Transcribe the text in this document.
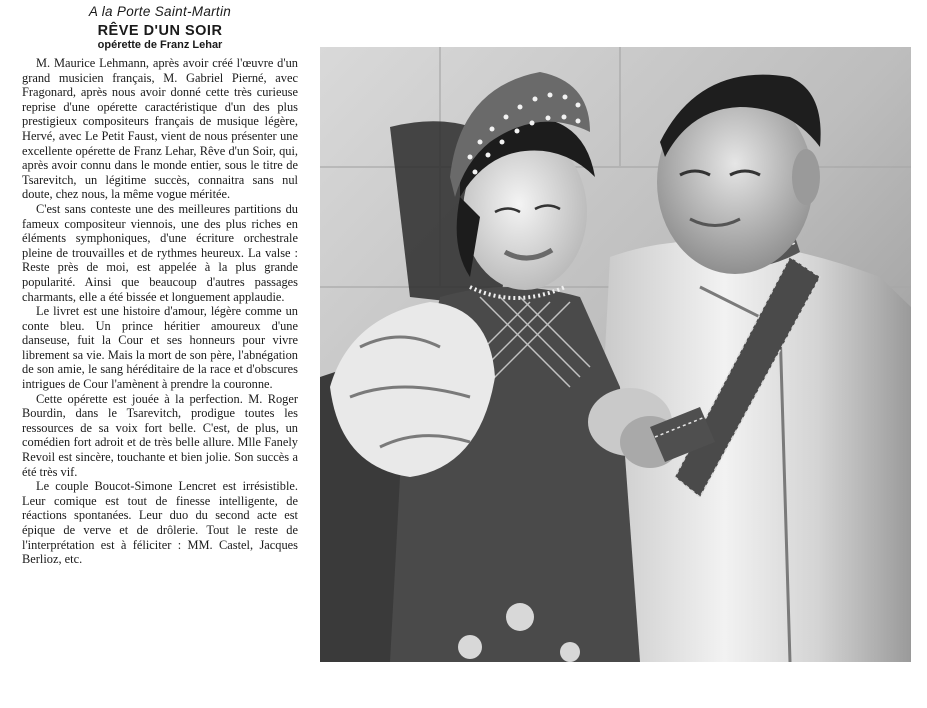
A la Porte Saint-Martin

RÊVE D'UN SOIR

opérette de Franz Lehar

M. Maurice Lehmann, après avoir créé l'œuvre d'un grand musicien français, M. Gabriel Pierné, avec Fragonard, après nous avoir donné cette très curieuse reprise d'une opérette caractéristique d'un des plus prestigieux compositeurs français de musique légère, Hervé, avec Le Petit Faust, vient de nous présenter une excellente opérette de Franz Lehar, Rêve d'un Soir, qui, après avoir connu dans le monde entier, sous le titre de Tsarevitch, un légitime succès, connaitra sans nul doute, chez nous, la même vogue méritée.

C'est sans conteste une des meilleures partitions du fameux compositeur viennois, une des plus riches en éléments symphoniques, d'une écriture orchestrale pleine de trouvailles et de rythmes heureux. La valse : Reste près de moi, est appelée à la plus grande popularité. Ainsi que beaucoup d'autres passages charmants, elle a été bissée et longuement applaudie.

Le livret est une histoire d'amour, légère comme un conte bleu. Un prince héritier amoureux d'une danseuse, fuit la Cour et ses honneurs pour vivre librement sa vie. Mais la mort de son père, l'abnégation de son amie, le sang héréditaire de la race et d'obscures intrigues de Cour l'amènent à prendre la couronne.

Cette opérette est jouée à la perfection. M. Roger Bourdin, dans le Tsarevitch, prodigue toutes les ressources de sa voix fort belle. C'est, de plus, un comédien fort adroit et de très belle allure. Mlle Fanely Revoil est sincère, touchante et bien jolie. Son succès a été très vif.

Le couple Boucot-Simone Lencret est irrésistible. Leur comique est tout de finesse intelligente, de réactions spontanées. Leur duo du second acte est épique de verve et de drôlerie. Tout le reste de l'interprétation est à féliciter : MM. Castel, Jacques Berlioz, etc.
